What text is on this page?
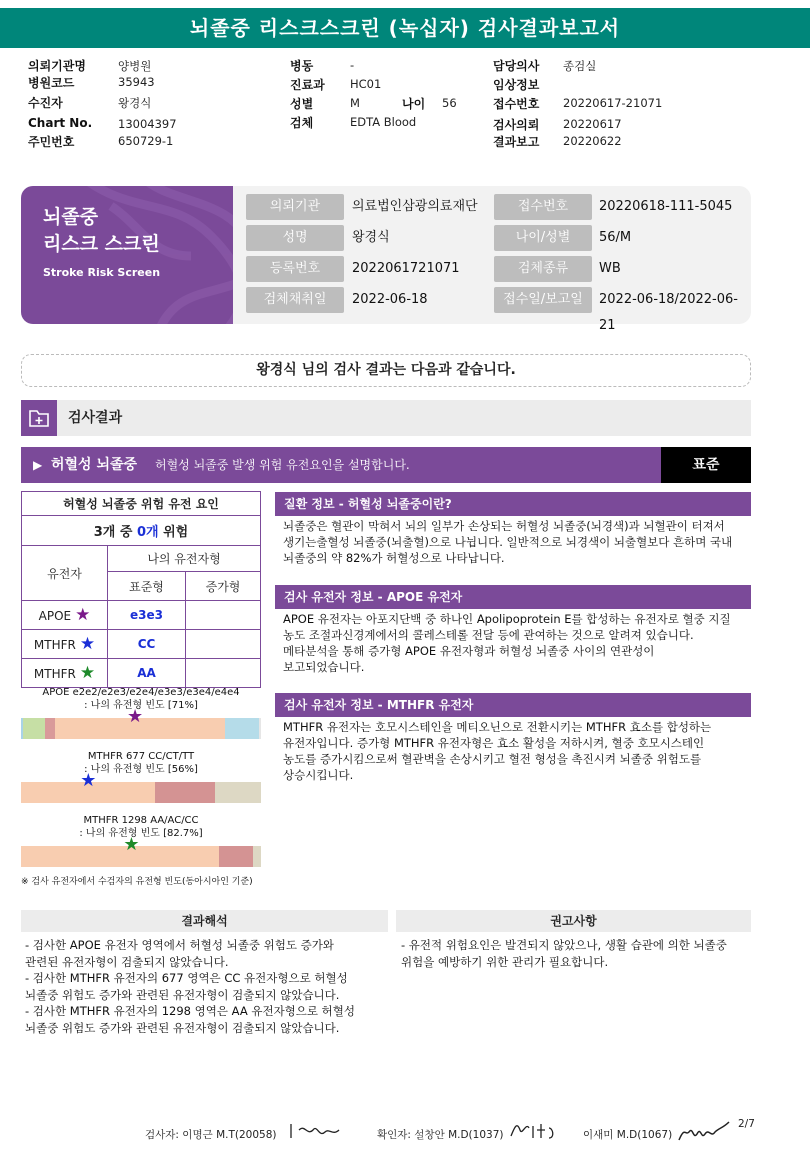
뇌졸중 리스크스크린 (녹십자) 검사결과보고서
의뢰기관명	양병원
병원코드	35943
수진자	왕경식
Chart No. 13004397
주민번호	650729-1
병동	-
진료과 HC01
성별	M
검체	EDTA Blood
담당의사 종검실
임상정보
접수번호 20220617-21071
검사의뢰 20220617
결과보고 20220622
나이 56
뇌졸중
리스크 스크린
Stroke Risk Screen
의뢰기관	의료법인삼광의료재단	접수번호	20220618-111-5045
성명	왕경식	나이/성별	56/M
등록번호	2022061721071	검체종류	WB
검체채취일	2022-06-18	접수일/보고일	2022-06-18/2022-06-21
왕경식 님의 검사 결과는 다음과 같습니다.
검사결과
▶ 허혈성 뇌졸중 허혈성 뇌졸중 발생 위험 유전요인을 설명합니다.	표준
허혈성 뇌졸중 위험 유전 요인		
3개 중 0개 위험		
유전자	나의 유전자형	
	표준형	증가형
APOE ★	e3e3	
MTHFR ★	CC	
MTHFR ★	AA	
APOE e2e2/e2e3/e2e4/e3e3/e3e4/e4e4
: 나의 유전형 빈도 [71%]
★
MTHFR 677 CC/CT/TT
: 나의 유전형 빈도 [56%]
★
MTHFR 1298 AA/AC/CC
: 나의 유전형 빈도 [82.7%]
★
※ 검사 유전자에서 수검자의 유전형 빈도(동아시아인 기준)
질환 정보 - 허혈성 뇌졸중이란?
뇌졸중은 혈관이 막혀서 뇌의 일부가 손상되는 허혈성 뇌졸중(뇌경색)과 뇌혈관이 터져서
생기는출혈성 뇌졸중(뇌출혈)으로 나뉩니다. 일반적으로 뇌경색이 뇌출혈보다 흔하며 국내
뇌졸중의 약 82%가 허혈성으로 나타납니다.
검사 유전자 정보 - APOE 유전자
APOE 유전자는 아포지단백 중 하나인 Apolipoprotein E를 합성하는 유전자로 혈중 지질
농도 조절과신경계에서의 콜레스테롤 전달 등에 관여하는 것으로 알려져 있습니다.
메타분석을 통해 증가형 APOE 유전자형과 허혈성 뇌졸중 사이의 연관성이
보고되었습니다.
검사 유전자 정보 - MTHFR 유전자
MTHFR 유전자는 호모시스테인을 메티오닌으로 전환시키는 MTHFR 효소를 합성하는
유전자입니다. 증가형 MTHFR 유전자형은 효소 활성을 저하시켜, 혈중 호모시스테인
농도를 증가시킴으로써 혈관벽을 손상시키고 혈전 형성을 촉진시켜 뇌졸중 위험도를
상승시킵니다.
결과해석
- 검사한 APOE 유전자 영역에서 허혈성 뇌졸중 위험도 증가와
관련된 유전자형이 검출되지 않았습니다.
- 검사한 MTHFR 유전자의 677 영역은 CC 유전자형으로 허혈성
뇌졸중 위험도 증가와 관련된 유전자형이 검출되지 않았습니다.
- 검사한 MTHFR 유전자의 1298 영역은 AA 유전자형으로 허혈성
뇌졸중 위험도 증가와 관련된 유전자형이 검출되지 않았습니다.
권고사항
- 유전적 위험요인은 발견되지 않았으나, 생활 습관에 의한 뇌졸중
위험을 예방하기 위한 관리가 필요합니다.
검사자: 이명근 M.T(20058)	확인자: 설창안 M.D(1037)	이새미 M.D(1067)
2/7
